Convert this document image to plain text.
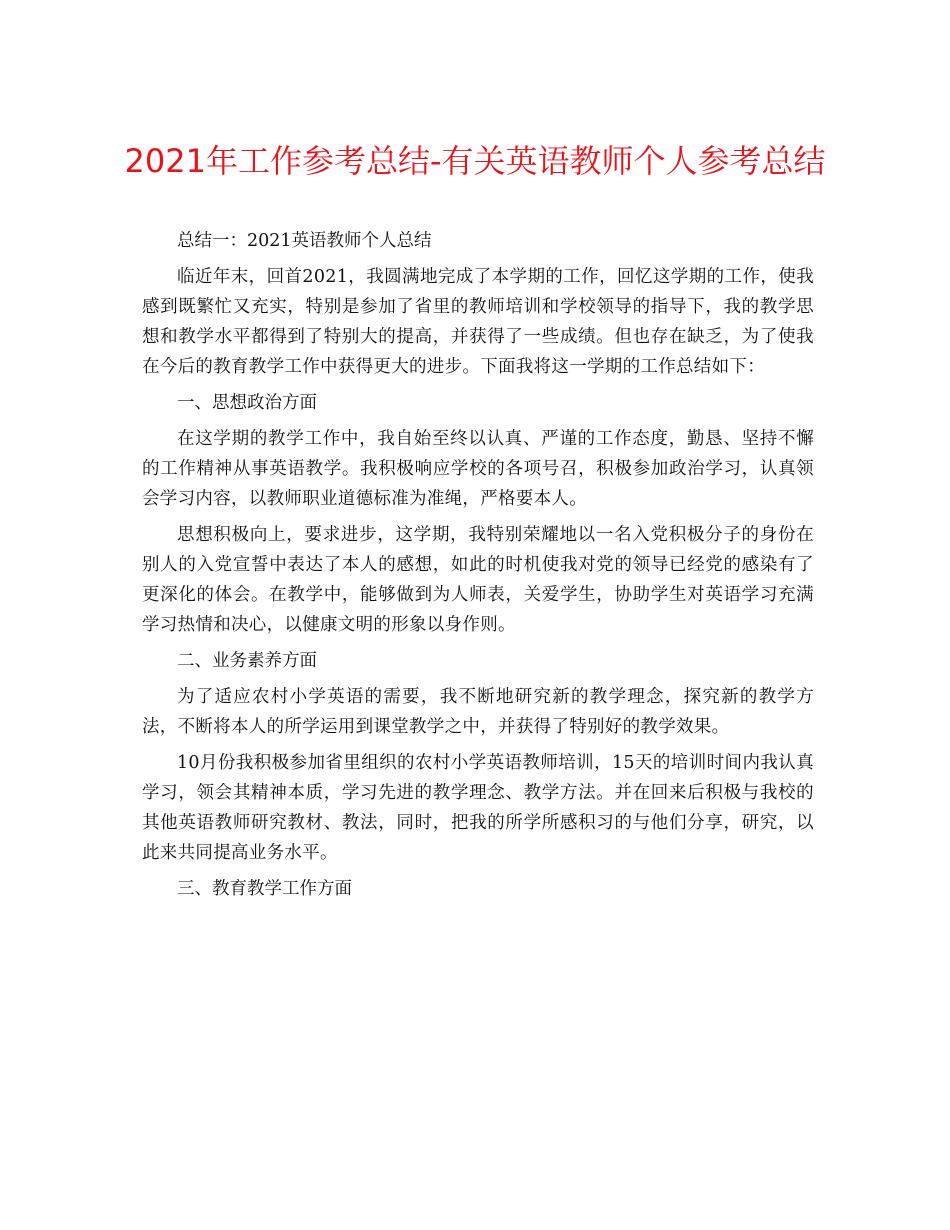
2021年工作参考总结-有关英语教师个人参考总结

总结一：2021英语教师个人总结

临近年末，回首2021，我圆满地完成了本学期的工作，回忆这学期的工作，使我感到既繁忙又充实，特别是参加了省里的教师培训和学校领导的指导下，我的教学思想和教学水平都得到了特别大的提高，并获得了一些成绩。但也存在缺乏，为了使我在今后的教育教学工作中获得更大的进步。下面我将这一学期的工作总结如下：

一、思想政治方面

在这学期的教学工作中，我自始至终以认真、严谨的工作态度，勤恳、坚持不懈的工作精神从事英语教学。我积极响应学校的各项号召，积极参加政治学习，认真领会学习内容，以教师职业道德标准为准绳，严格要本人。

思想积极向上，要求进步，这学期，我特别荣耀地以一名入党积极分子的身份在别人的入党宣誓中表达了本人的感想，如此的时机使我对党的领导已经党的感染有了更深化的体会。在教学中，能够做到为人师表，关爱学生，协助学生对英语学习充满学习热情和决心，以健康文明的形象以身作则。

二、业务素养方面

为了适应农村小学英语的需要，我不断地研究新的教学理念，探究新的教学方法，不断将本人的所学运用到课堂教学之中，并获得了特别好的教学效果。

10月份我积极参加省里组织的农村小学英语教师培训，15天的培训时间内我认真学习，领会其精神本质，学习先进的教学理念、教学方法。并在回来后积极与我校的其他英语教师研究教材、教法，同时，把我的所学所感积习的与他们分享，研究，以此来共同提高业务水平。

三、教育教学工作方面
